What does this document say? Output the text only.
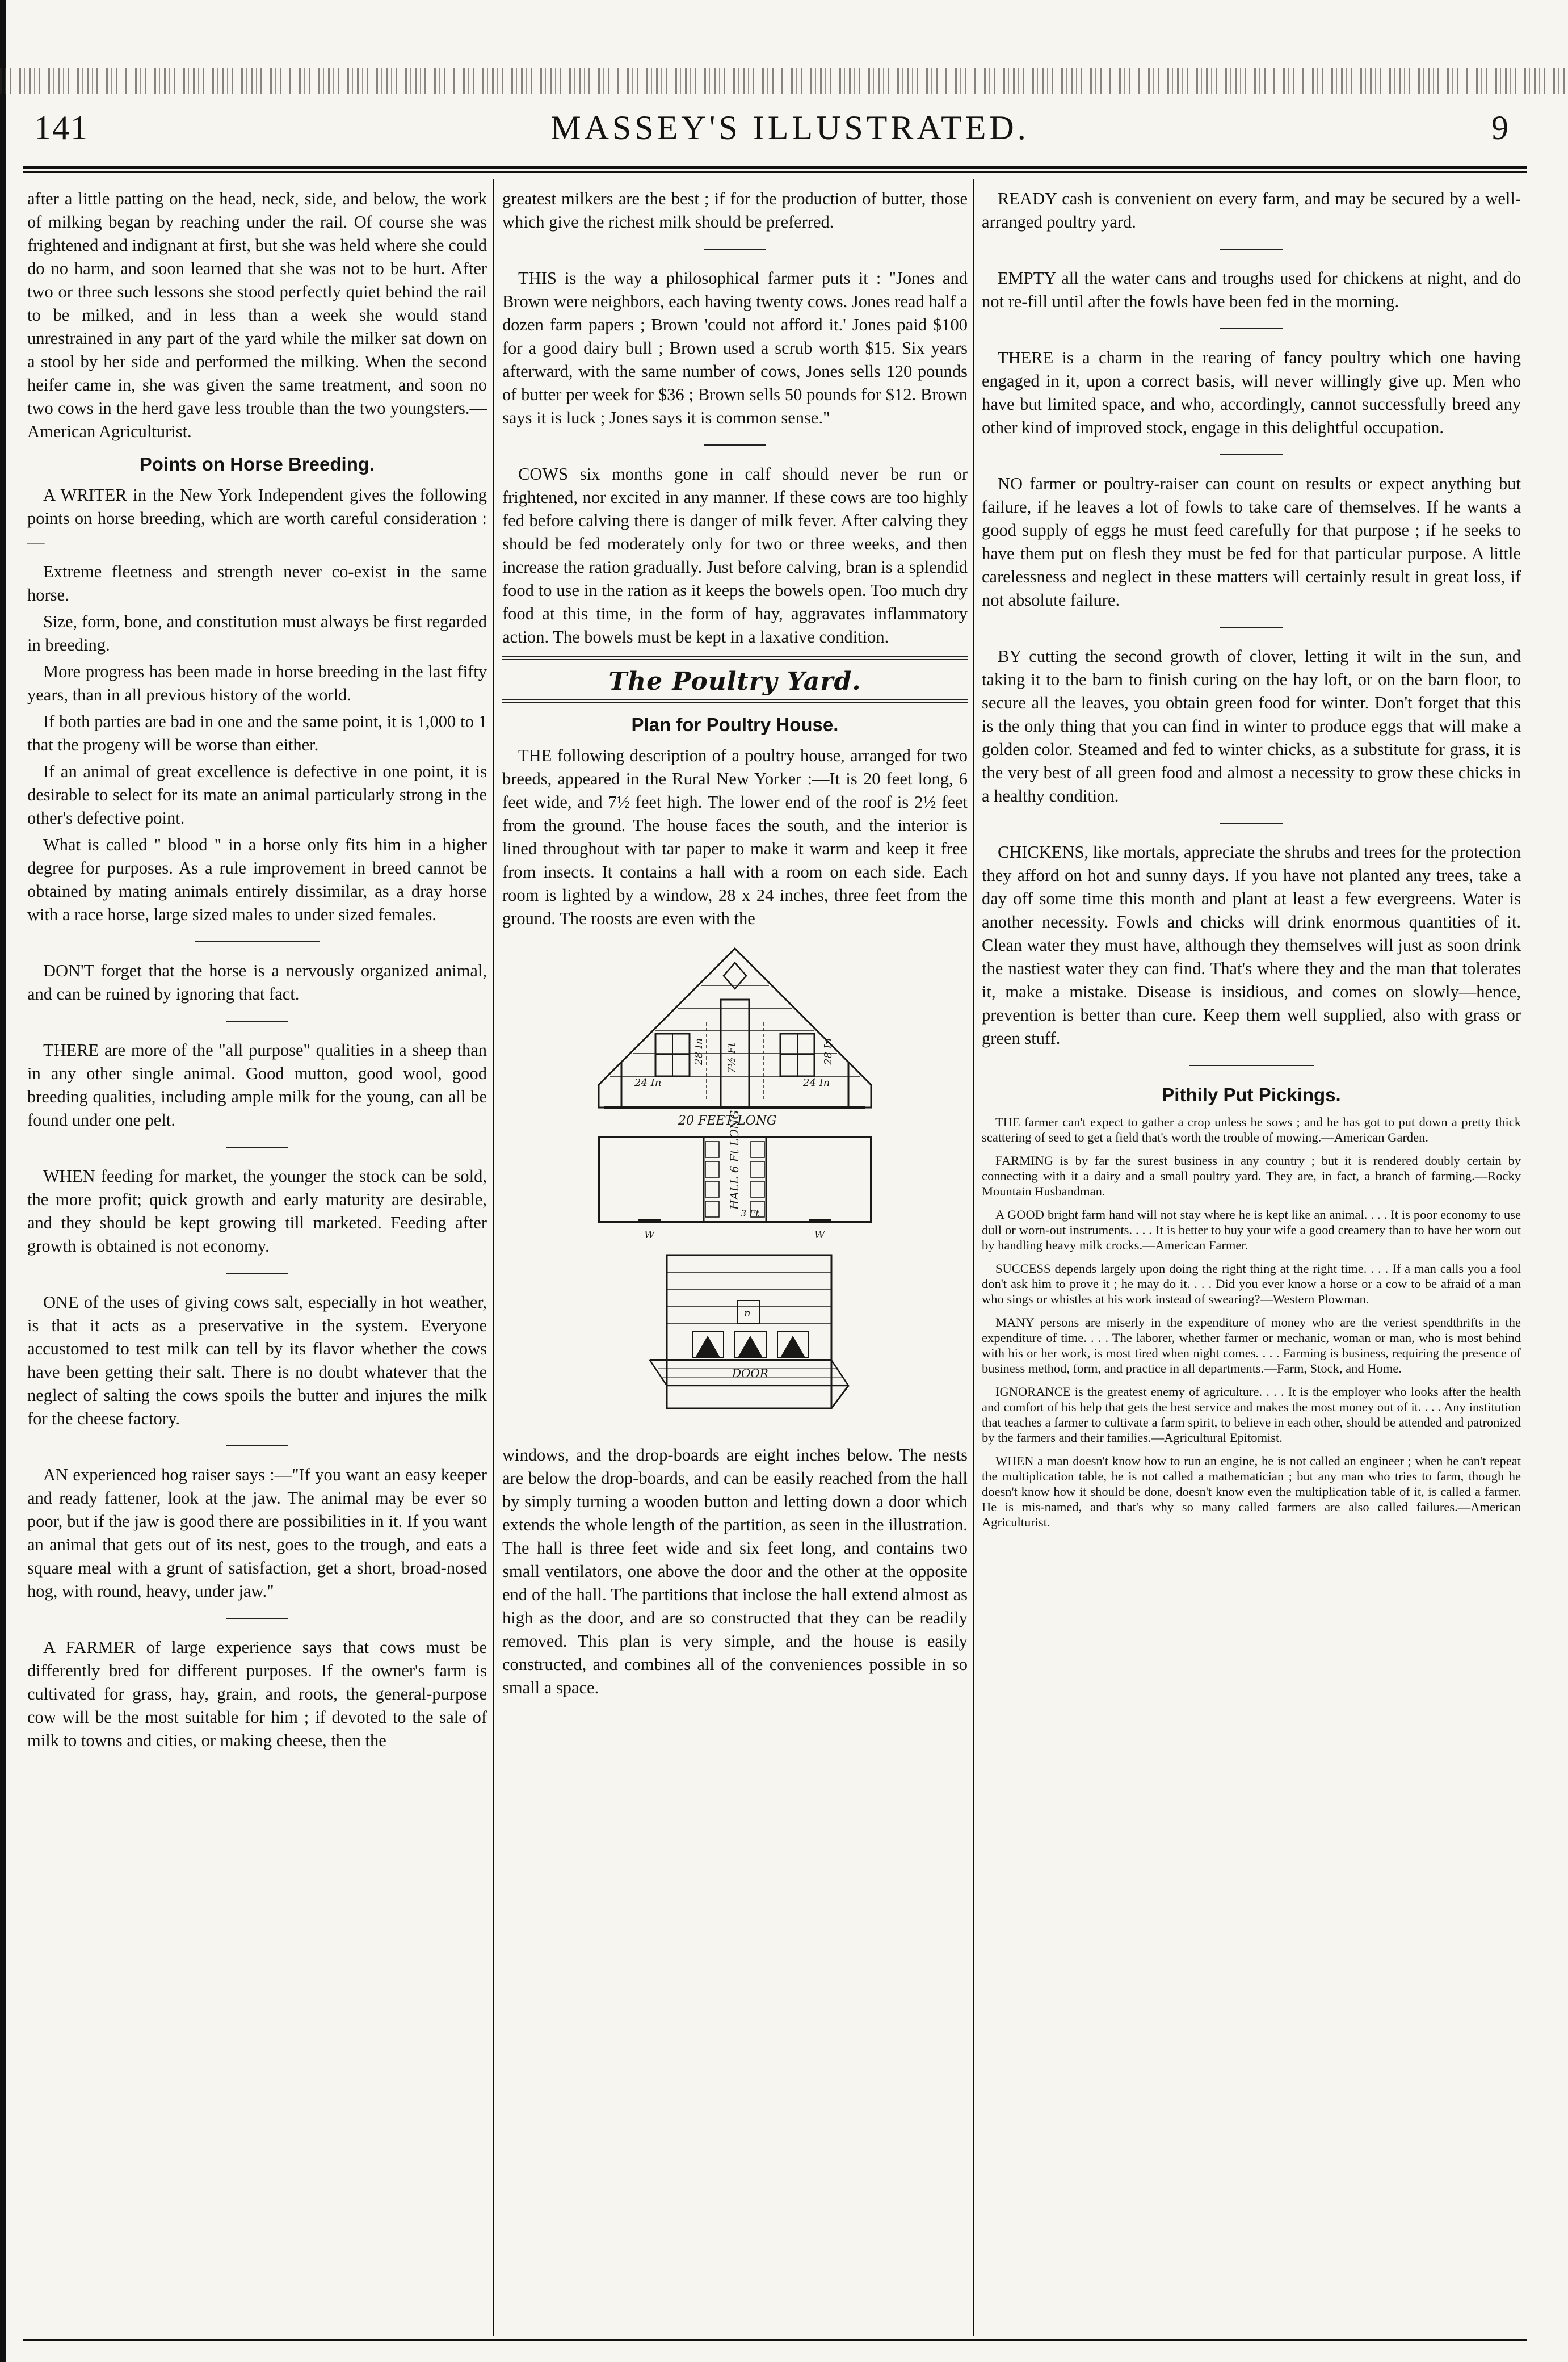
141	MASSEY'S ILLUSTRATED.	9

after a little patting on the head, neck, side, and below, the work of milking began by reaching under the rail. Of course she was frightened and indignant at first, but she was held where she could do no harm, and soon learned that she was not to be hurt. After two or three such lessons she stood perfectly quiet behind the rail to be milked, and in less than a week she would stand unrestrained in any part of the yard while the milker sat down on a stool by her side and performed the milking. When the second heifer came in, she was given the same treatment, and soon no two cows in the herd gave less trouble than the two youngsters.—American Agriculturist.

Points on Horse Breeding.

A WRITER in the New York Independent gives the following points on horse breeding, which are worth careful consideration :—

Extreme fleetness and strength never co-exist in the same horse.

Size, form, bone, and constitution must always be first regarded in breeding.

More progress has been made in horse breeding in the last fifty years, than in all previous history of the world.

If both parties are bad in one and the same point, it is 1,000 to 1 that the progeny will be worse than either.

If an animal of great excellence is defective in one point, it is desirable to select for its mate an animal particularly strong in the other's defective point.

What is called " blood " in a horse only fits him in a higher degree for purposes. As a rule improvement in breed cannot be obtained by mating animals entirely dissimilar, as a dray horse with a race horse, large sized males to under sized females.

DON'T forget that the horse is a nervously organized animal, and can be ruined by ignoring that fact.

THERE are more of the "all purpose" qualities in a sheep than in any other single animal. Good mutton, good wool, good breeding qualities, including ample milk for the young, can all be found under one pelt.

WHEN feeding for market, the younger the stock can be sold, the more profit; quick growth and early maturity are desirable, and they should be kept growing till marketed. Feeding after growth is obtained is not economy.

ONE of the uses of giving cows salt, especially in hot weather, is that it acts as a preservative in the system. Everyone accustomed to test milk can tell by its flavor whether the cows have been getting their salt. There is no doubt whatever that the neglect of salting the cows spoils the butter and injures the milk for the cheese factory.

AN experienced hog raiser says :—"If you want an easy keeper and ready fattener, look at the jaw. The animal may be ever so poor, but if the jaw is good there are possibilities in it. If you want an animal that gets out of its nest, goes to the trough, and eats a square meal with a grunt of satisfaction, get a short, broad-nosed hog, with round, heavy, under jaw."

A FARMER of large experience says that cows must be differently bred for different purposes. If the owner's farm is cultivated for grass, hay, grain, and roots, the general-purpose cow will be the most suitable for him ; if devoted to the sale of milk to towns and cities, or making cheese, then the

greatest milkers are the best ; if for the production of butter, those which give the richest milk should be preferred.

THIS is the way a philosophical farmer puts it : "Jones and Brown were neighbors, each having twenty cows. Jones read half a dozen farm papers ; Brown 'could not afford it.' Jones paid $100 for a good dairy bull ; Brown used a scrub worth $15. Six years afterward, with the same number of cows, Jones sells 120 pounds of butter per week for $36 ; Brown sells 50 pounds for $12. Brown says it is luck ; Jones says it is common sense."

COWS six months gone in calf should never be run or frightened, nor excited in any manner. If these cows are too highly fed before calving there is danger of milk fever. After calving they should be fed moderately only for two or three weeks, and then increase the ration gradually. Just before calving, bran is a splendid food to use in the ration as it keeps the bowels open. Too much dry food at this time, in the form of hay, aggravates inflammatory action. The bowels must be kept in a laxative condition.

The Poultry Yard.
Plan for Poultry House.

THE following description of a poultry house, arranged for two breeds, appeared in the Rural New Yorker :—It is 20 feet long, 6 feet wide, and 7½ feet high. The lower end of the roof is 2½ feet from the ground. The house faces the south, and the interior is lined throughout with tar paper to make it warm and keep it free from insects. It contains a hall with a room on each side. Each room is lighted by a window, 28 x 24 inches, three feet from the ground. The roosts are even with the

24 In	24 In
28 In	28 In
7½ Ft
20 FEET LONG
HALL 6 Ft LONG
3 Ft
W	W
n
DOOR

windows, and the drop-boards are eight inches below. The nests are below the drop-boards, and can be easily reached from the hall by simply turning a wooden button and letting down a door which extends the whole length of the partition, as seen in the illustration. The hall is three feet wide and six feet long, and contains two small ventilators, one above the door and the other at the opposite end of the hall. The partitions that inclose the hall extend almost as high as the door, and are so constructed that they can be readily removed. This plan is very simple, and the house is easily constructed, and combines all of the conveniences possible in so small a space.

READY cash is convenient on every farm, and may be secured by a well-arranged poultry yard.

EMPTY all the water cans and troughs used for chickens at night, and do not re-fill until after the fowls have been fed in the morning.

THERE is a charm in the rearing of fancy poultry which one having engaged in it, upon a correct basis, will never willingly give up. Men who have but limited space, and who, accordingly, cannot successfully breed any other kind of improved stock, engage in this delightful occupation.

NO farmer or poultry-raiser can count on results or expect anything but failure, if he leaves a lot of fowls to take care of themselves. If he wants a good supply of eggs he must feed carefully for that purpose ; if he seeks to have them put on flesh they must be fed for that particular purpose. A little carelessness and neglect in these matters will certainly result in great loss, if not absolute failure.

BY cutting the second growth of clover, letting it wilt in the sun, and taking it to the barn to finish curing on the hay loft, or on the barn floor, to secure all the leaves, you obtain green food for winter. Don't forget that this is the only thing that you can find in winter to produce eggs that will make a golden color. Steamed and fed to winter chicks, as a substitute for grass, it is the very best of all green food and almost a necessity to grow these chicks in a healthy condition.

CHICKENS, like mortals, appreciate the shrubs and trees for the protection they afford on hot and sunny days. If you have not planted any trees, take a day off some time this month and plant at least a few evergreens. Water is another necessity. Fowls and chicks will drink enormous quantities of it. Clean water they must have, although they themselves will just as soon drink the nastiest water they can find. That's where they and the man that tolerates it, make a mistake. Disease is insidious, and comes on slowly—hence, prevention is better than cure. Keep them well supplied, also with grass or green stuff.

Pithily Put Pickings.

THE farmer can't expect to gather a crop unless he sows ; and he has got to put down a pretty thick scattering of seed to get a field that's worth the trouble of mowing.—American Garden.

FARMING is by far the surest business in any country ; but it is rendered doubly certain by connecting with it a dairy and a small poultry yard. They are, in fact, a branch of farming.—Rocky Mountain Husbandman.

A GOOD bright farm hand will not stay where he is kept like an animal. . . . It is poor economy to use dull or worn-out instruments. . . . It is better to buy your wife a good creamery than to have her worn out by handling heavy milk crocks.—American Farmer.

SUCCESS depends largely upon doing the right thing at the right time. . . . If a man calls you a fool don't ask him to prove it ; he may do it. . . . Did you ever know a horse or a cow to be afraid of a man who sings or whistles at his work instead of swearing?—Western Plowman.

MANY persons are miserly in the expenditure of money who are the veriest spendthrifts in the expenditure of time. . . . The laborer, whether farmer or mechanic, woman or man, who is most behind with his or her work, is most tired when night comes. . . . Farming is business, requiring the presence of business method, form, and practice in all departments.—Farm, Stock, and Home.

IGNORANCE is the greatest enemy of agriculture. . . . It is the employer who looks after the health and comfort of his help that gets the best service and makes the most money out of it. . . . Any institution that teaches a farmer to cultivate a farm spirit, to believe in each other, should be attended and patronized by the farmers and their families.—Agricultural Epitomist.

WHEN a man doesn't know how to run an engine, he is not called an engineer ; when he can't repeat the multiplication table, he is not called a mathematician ; but any man who tries to farm, though he doesn't know how it should be done, doesn't know even the multiplication table of it, is called a farmer. He is mis-named, and that's why so many called farmers are also called failures.—American Agriculturist.
